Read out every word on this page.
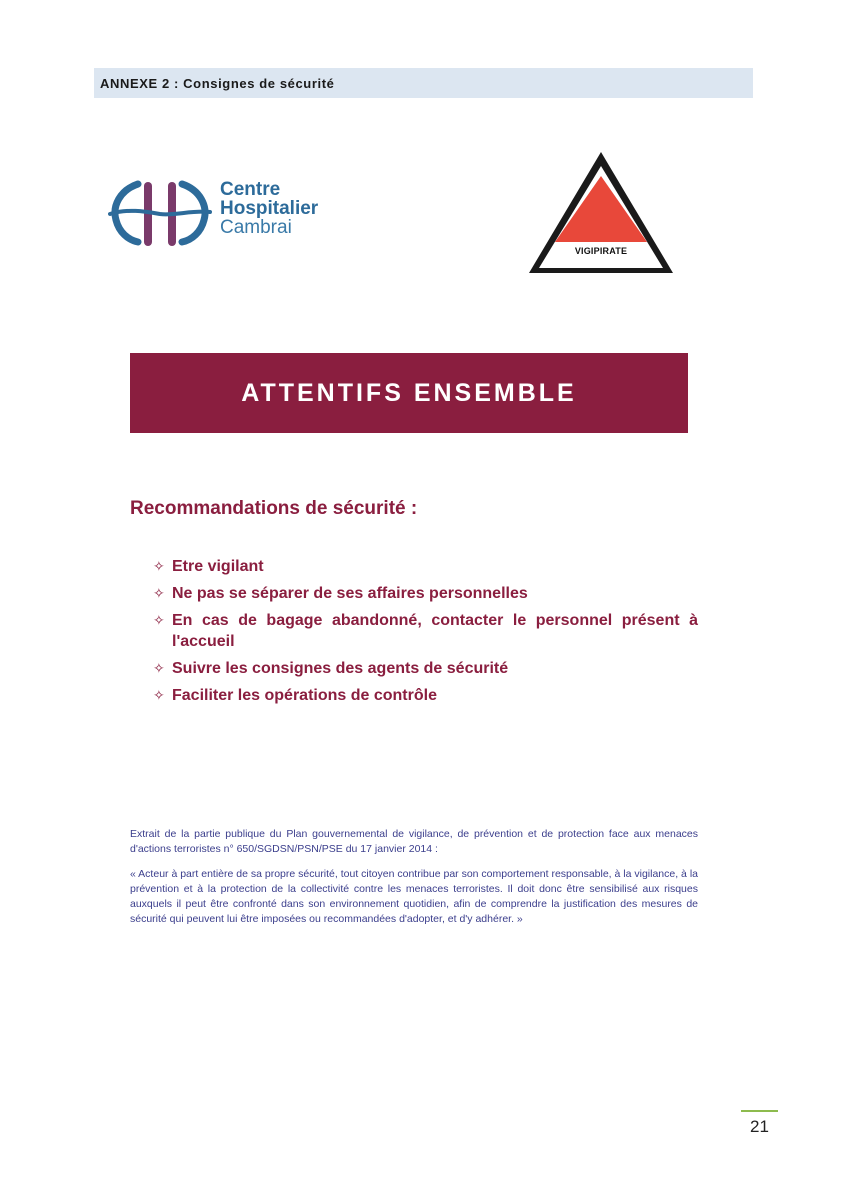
ANNEXE 2 : Consignes de sécurité
Centre
Hospitalier
Cambrai
VIGIPIRATE
ATTENTIFS ENSEMBLE
Recommandations de sécurité :
✧ Etre vigilant
✧ Ne pas se séparer de ses affaires personnelles
✧ En cas de bagage abandonné, contacter le personnel présent à l'accueil
✧ Suivre les consignes des agents de sécurité
✧ Faciliter les opérations de contrôle

Extrait de la partie publique du Plan gouvernemental de vigilance, de prévention et de protection face aux menaces d'actions terroristes n° 650/SGDSN/PSN/PSE du 17 janvier 2014 :

« Acteur à part entière de sa propre sécurité, tout citoyen contribue par son comportement responsable, à la vigilance, à la prévention et à la protection de la collectivité contre les menaces terroristes. Il doit donc être sensibilisé aux risques auxquels il peut être confronté dans son environnement quotidien, afin de comprendre la justification des mesures de sécurité qui peuvent lui être imposées ou recommandées d'adopter, et d'y adhérer. »

21
